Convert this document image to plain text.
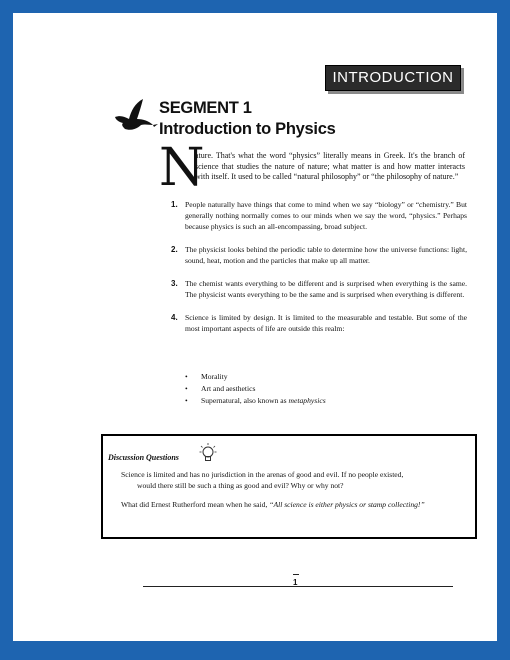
INTRODUCTION
SEGMENT 1
Introduction to Physics
N
ature. That's what the word “physics” literally means in Greek. It's the branch of science that studies the nature of nature; what matter is and how matter interacts with itself. It used to be called “natural philosophy” or “the philosophy of nature.”
1. People naturally have things that come to mind when we say “biology” or “chemistry.” But generally nothing normally comes to our minds when we say the word, “physics.” Perhaps because physics is such an all-encompassing, broad subject.
2. The physicist looks behind the periodic table to determine how the universe functions: light, sound, heat, motion and the particles that make up all matter.
3. The chemist wants everything to be different and is surprised when everything is the same. The physicist wants everything to be the same and is surprised when everything is different.
4. Science is limited by design. It is limited to the measurable and testable. But some of the most important aspects of life are outside this realm:
• Morality
• Art and aesthetics
• Supernatural, also known as metaphysics
Discussion Questions
Science is limited and has no jurisdiction in the arenas of good and evil. If no people existed,
would there still be such a thing as good and evil? Why or why not?
What did Ernest Rutherford mean when he said, “All science is either physics or stamp collecting!”
1
